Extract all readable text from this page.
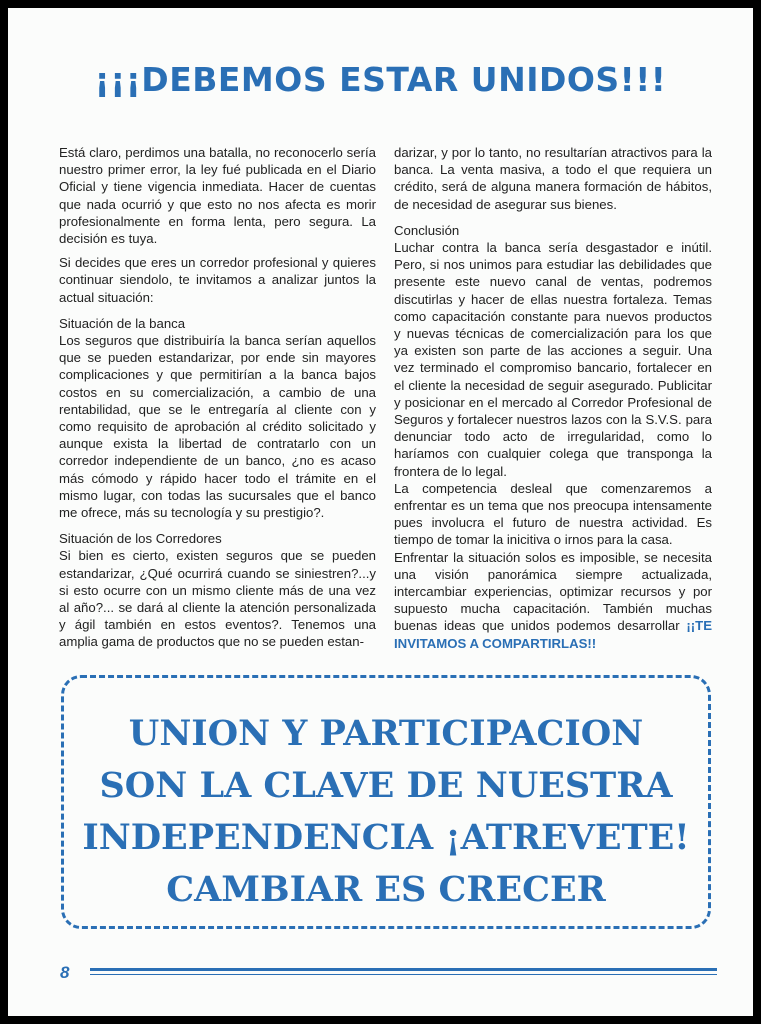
¡¡¡DEBEMOS ESTAR UNIDOS!!!

Está claro, perdimos una batalla, no reconocerlo sería nuestro primer error, la ley fué publicada en el Diario Oficial y tiene vigencia inmediata. Hacer de cuentas que nada ocurrió y que esto no nos afecta es morir profesionalmente en forma lenta, pero segura. La decisión es tuya.

Si decides que eres un corredor profesional y quieres continuar siendolo, te invitamos a analizar juntos la actual situación:

Situación de la banca

Los seguros que distribuiría la banca serían aquellos que se pueden estandarizar, por ende sin mayores complicaciones y que permitirían a la banca bajos costos en su comercialización, a cambio de una rentabilidad, que se le entregaría al cliente con y como requisito de aprobación al crédito solicitado y aunque exista la libertad de contratarlo con un corredor independiente de un banco, ¿no es acaso más cómodo y rápido hacer todo el trámite en el mismo lugar, con todas las sucursales que el banco me ofrece, más su tecnología y su prestigio?.

Situación de los Corredores

Si bien es cierto, existen seguros que se pueden estandarizar, ¿Qué ocurrirá cuando se siniestren?...y si esto ocurre con un mismo cliente más de una vez al año?... se dará al cliente la atención personalizada y ágil también en estos eventos?. Tenemos una amplia gama de productos que no se pueden estan-

darizar, y por lo tanto, no resultarían atractivos para la banca. La venta masiva, a todo el que requiera un crédito, será de alguna manera formación de hábitos, de necesidad de asegurar sus bienes.

Conclusión

Luchar contra la banca sería desgastador e inútil. Pero, si nos unimos para estudiar las debilidades que presente este nuevo canal de ventas, podremos discutirlas y hacer de ellas nuestra fortaleza. Temas como capacitación constante para nuevos productos y nuevas técnicas de comercialización para los que ya existen son parte de las acciones a seguir. Una vez terminado el compromiso bancario, fortalecer en el cliente la necesidad de seguir asegurado. Publicitar y posicionar en el mercado al Corredor Profesional de Seguros y fortalecer nuestros lazos con la S.V.S. para denunciar todo acto de irregularidad, como lo haríamos con cualquier colega que transponga la frontera de lo legal.

La competencia desleal que comenzaremos a enfrentar es un tema que nos preocupa intensamente pues involucra el futuro de nuestra actividad. Es tiempo de tomar la inicitiva o irnos para la casa.

Enfrentar la situación solos es imposible, se necesita una visión panorámica siempre actualizada, intercambiar experiencias, optimizar recursos y por supuesto mucha capacitación. También muchas buenas ideas que unidos podemos desarrollar ¡¡TE INVITAMOS A COMPARTIRLAS!!

UNION Y PARTICIPACION
SON LA CLAVE DE NUESTRA
INDEPENDENCIA ¡ATREVETE!
CAMBIAR ES CRECER
8
